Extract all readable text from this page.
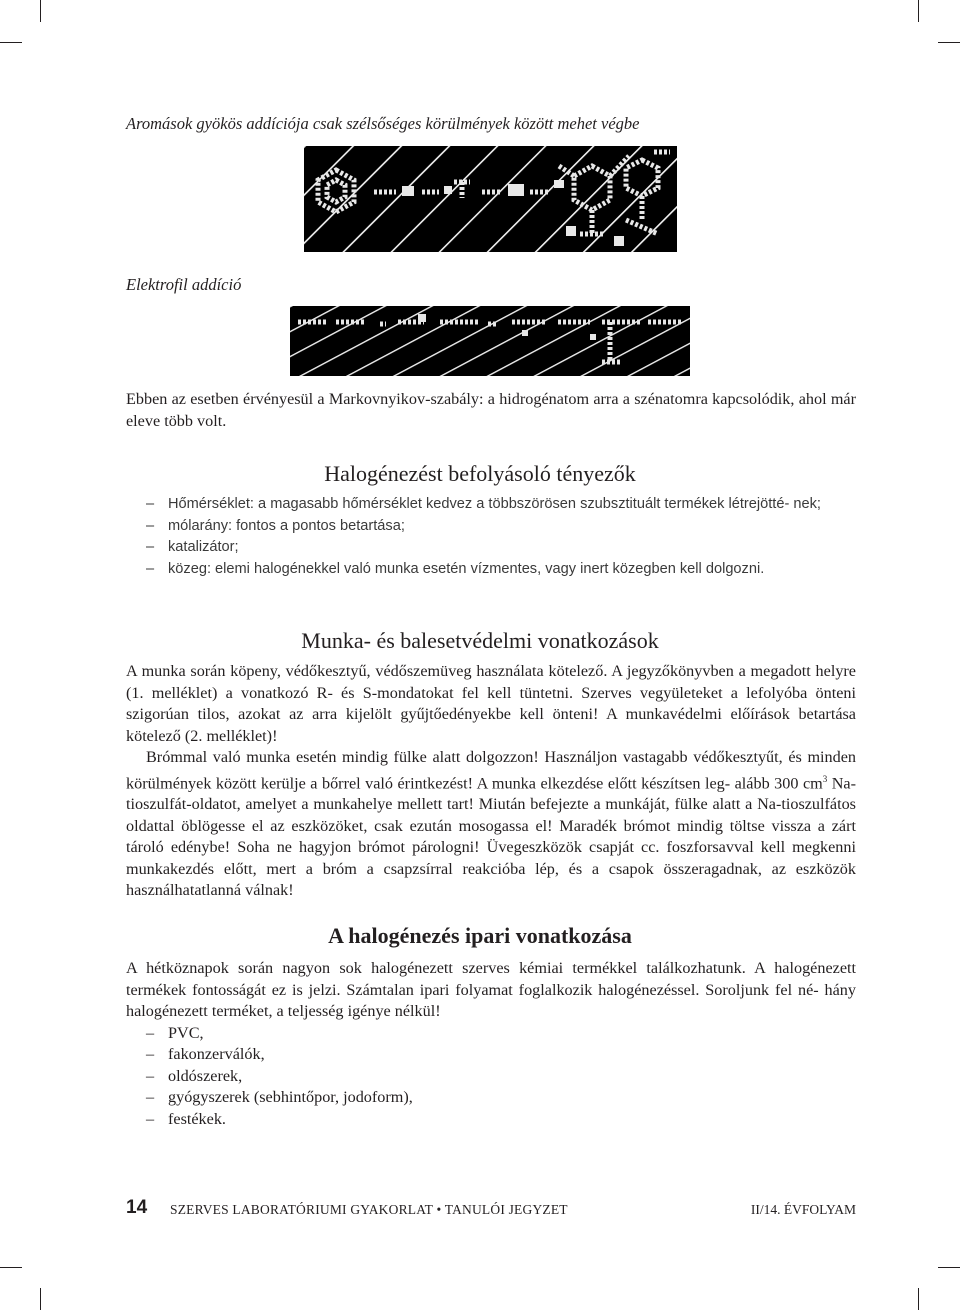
Aromások gyökös addíciója csak szélsőséges körülmények között mehet végbe
Elektrofil addíció

Ebben az esetben érvényesül a Markovnyikov-szabály: a hidrogénatom arra a szénatomra kapcsolódik, ahol már eleve több volt.

Halogénezést befolyásoló tényezők
– Hőmérséklet: a magasabb hőmérséklet kedvez a többszörösen szubsztituált termékek létrejötté- nek;
– mólarány: fontos a pontos betartása;
– katalizátor;
– közeg: elemi halogénekkel való munka esetén vízmentes, vagy inert közegben kell dolgozni.
Munka- és balesetvédelmi vonatkozások

A munka során köpeny, védőkesztyű, védőszemüveg használata kötelező. A jegyzőkönyvben a megadott helyre (1. melléklet) a vonatkozó R- és S-mondatokat fel kell tüntetni. Szerves vegyületeket a lefolyóba önteni szigorúan tilos, azokat az arra kijelölt gyűjtőedényekbe kell önteni! A munkavédelmi előírások betartása kötelező (2. melléklet)!

Brómmal való munka esetén mindig fülke alatt dolgozzon! Használjon vastagabb védőkesztyűt, és minden körülmények között kerülje a bőrrel való érintkezést! A munka elkezdése előtt készítsen leg- alább 300 $cm^3$ Na-tioszulfát-oldatot, amelyet a munkahelye mellett tart! Miután befejezte a munkáját, fülke alatt a Na-tioszulfátos oldattal öblögesse el az eszközöket, csak ezután mosogassa el! Maradék brómot mindig töltse vissza a zárt tároló edénybe! Soha ne hagyjon brómot párologni! Üvegeszközök csapját cc. foszforsavval kell megkenni munkakezdés előtt, mert a bróm a csapzsírral reakcióba lép, és a csapok összeragadnak, az eszközök használhatatlanná válnak!

A halogénezés ipari vonatkozása

A hétköznapok során nagyon sok halogénezett szerves kémiai termékkel találkozhatunk. A halogénezett termékek fontosságát ez is jelzi. Számtalan ipari folyamat foglalkozik halogénezéssel. Soroljunk fel né- hány halogénezett terméket, a teljesség igénye nélkül!

– PVC,
– fakonzerválók,
– oldószerek,
– gyógyszerek (sebhintőpor, jodoform),
– festékek.
14 SZERVES LABORATÓRIUMI GYAKORLAT • TANULÓI JEGYZET	II/14. ÉVFOLYAM
